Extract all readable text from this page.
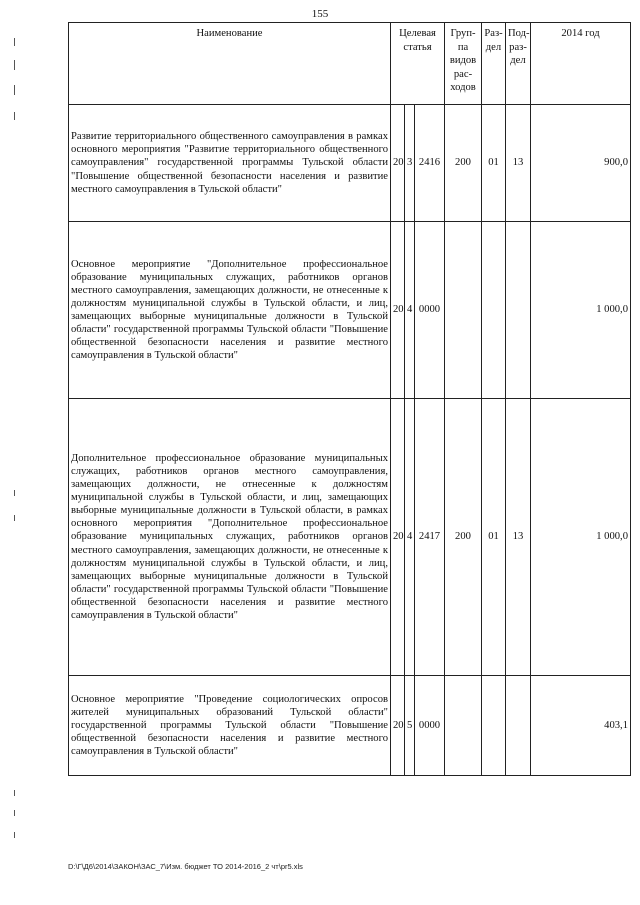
155
Наименование	Целевая статья			Груп-па видов рас-ходов	Раз-дел	Под-раз-дел	2014 год
Развитие территориального общественного самоуправления в рамках основного мероприятия "Развитие территориального общественного самоуправления" государственной программы Тульской области "Повышение общественной безопасности населения и развитие местного самоуправления в Тульской области"	20	3	2416	200	01	13	900,0
Основное мероприятие "Дополнительное профессиональное образование муниципальных служащих, работников органов местного самоуправления, замещающих должности, не отнесенные к должностям муниципальной службы в Тульской области, и лиц, замещающих выборные муниципальные должности в Тульской области" государственной программы Тульской области "Повышение общественной безопасности населения и развитие местного самоуправления в Тульской области"	20	4	0000				1 000,0
Дополнительное профессиональное образование муниципальных служащих, работников органов местного самоуправления, замещающих должности, не отнесенные к должностям муниципальной службы в Тульской области, и лиц, замещающих выборные муниципальные должности в Тульской области, в рамках основного мероприятия "Дополнительное профессиональное образование муниципальных служащих, работников органов местного самоуправления, замещающих должности, не отнесенные к должностям муниципальной службы в Тульской области, и лиц, замещающих выборные муниципальные должности в Тульской области" государственной программы Тульской области "Повышение общественной безопасности населения и развитие местного самоуправления в Тульской области"	20	4	2417	200	01	13	1 000,0
Основное мероприятие "Проведение социологических опросов жителей муниципальных образований Тульской области" государственной программы Тульской области "Повышение общественной безопасности населения и развитие местного самоуправления в Тульской области"	20	5	0000				403,1
D:\Г\Д6\2014\ЗАКОН\ЗАС_7\Изм. бюджет ТО 2014-2016_2 чт\pr5.xls
